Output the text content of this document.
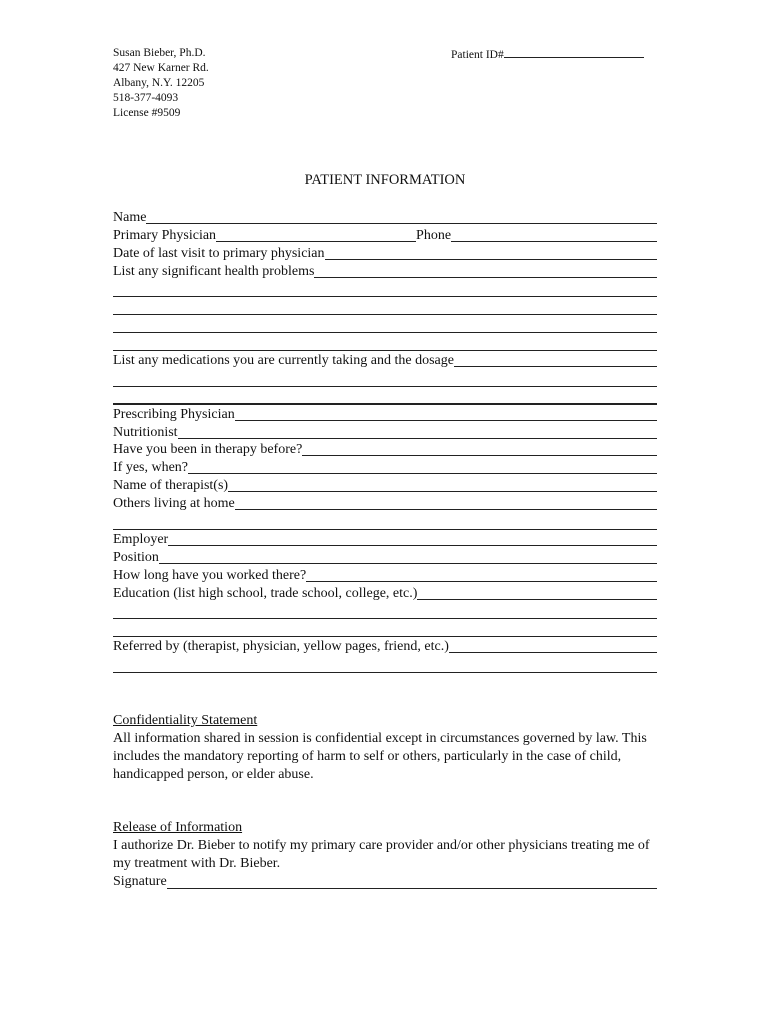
Susan Bieber, Ph.D.
427 New Karner Rd.
Albany, N.Y. 12205
518-377-4093
License #9509
Patient ID#
PATIENT INFORMATION
Name
Primary Physician	Phone
Date of last visit to primary physician
List any significant health problems
List any medications you are currently taking and the dosage
Prescribing Physician
Nutritionist
Have you been in therapy before?
If yes, when?
Name of therapist(s)
Others living at home
Employer
Position
How long have you worked there?
Education (list high school, trade school, college, etc.)
Referred by (therapist, physician, yellow pages, friend, etc.)
Confidentiality Statement

All information shared in session is confidential except in circumstances governed by law. This includes the mandatory reporting of harm to self or others, particularly in the case of child, handicapped person, or elder abuse.

Release of Information

I authorize Dr. Bieber to notify my primary care provider and/or other physicians treating me of my treatment with Dr. Bieber.

Signature
